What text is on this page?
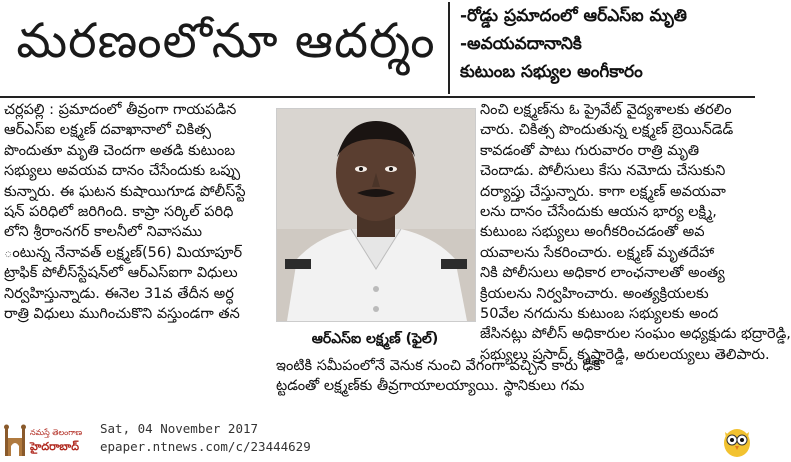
మరణంలోనూ ఆదర్శం	-రోడ్డు ప్రమాదంలో ఆర్‌ఎస్‌ఐ మృతి
-అవయవదానానికి
కుటుంబ సభ్యుల అంగీకారం
చర్లపల్లి : ప్రమాదంలో తీవ్రంగా గాయపడిన
ఆర్‌ఎస్‌ఐ లక్ష్మణ్‌ దవాఖానాలో చికిత్స
పొందుతూ మృతి చెందగా అతడి కుటుంబ
సభ్యులు అవయవ దానం చేసేందుకు ఒప్పు
కున్నారు. ఈ ఘటన కుషాయిగూడ పోలీస్‌స్టే
షన్‌ పరిధిలో జరిగింది. కాప్రా సర్కిల్‌ పరిధి
లోని శ్రీరాంనగర్‌ కాలనీలో నివాసము
ంటున్న నేనావత్‌ లక్ష్మణ్‌(56) మియాపూర్‌
ట్రాఫిక్‌ పోలీస్‌స్టేషన్‌లో ఆర్‌ఎస్‌ఐగా విధులు
నిర్వహిస్తున్నాడు. ఈనెల 31వ తేదీన అర్ధ
రాత్రి విధులు ముగించుకొని వస్తుండగా తన
ఆర్‌ఎస్‌ఐ లక్ష్మణ్‌ (ఫైల్‌)
ఇంటికి సమీపంలోనే వెనుక నుంచి వేగంగా వచ్చిన కారు ఢీకొ
ట్టడంతో లక్ష్మణ్‌కు తీవ్రగాయాలయ్యాయి. స్థానికులు గమ
నించి లక్ష్మణ్‌ను ఓ ప్రైవేట్‌ వైద్యశాలకు తరలిం
చారు. చికిత్స పొందుతున్న లక్ష్మణ్‌ బ్రెయిన్‌డెడ్‌
కావడంతో పాటు గురువారం రాత్రి మృతి
చెందాడు. పోలీసులు కేసు నమోదు చేసుకుని
దర్యాప్తు చేస్తున్నారు. కాగా లక్ష్మణ్‌ అవయవా
లను దానం చేసేందుకు ఆయన భార్య లక్ష్మి,
కుటుంబ సభ్యులు అంగీకరించడంతో అవ
యవాలను సేకరించారు. లక్ష్మణ్‌ మృతదేహా
నికి పోలీసులు అధికార లాంఛనాలతో అంత్య
క్రియలను నిర్వహించారు. అంత్యక్రియలకు
50వేల నగదును కుటుంబ సభ్యులకు అంద
జేసినట్లు పోలీస్‌ అధికారుల సంఘం అధ్యక్షుడు భద్రారెడ్డి,
సభ్యులు ప్రసాద్‌, కృష్ణారెడ్డి, అరులయ్యలు తెలిపారు.
నమస్తే తెలంగాణ
హైదరాబాద్
Sat, 04 November 2017
epaper.ntnews.com/c/23444629
